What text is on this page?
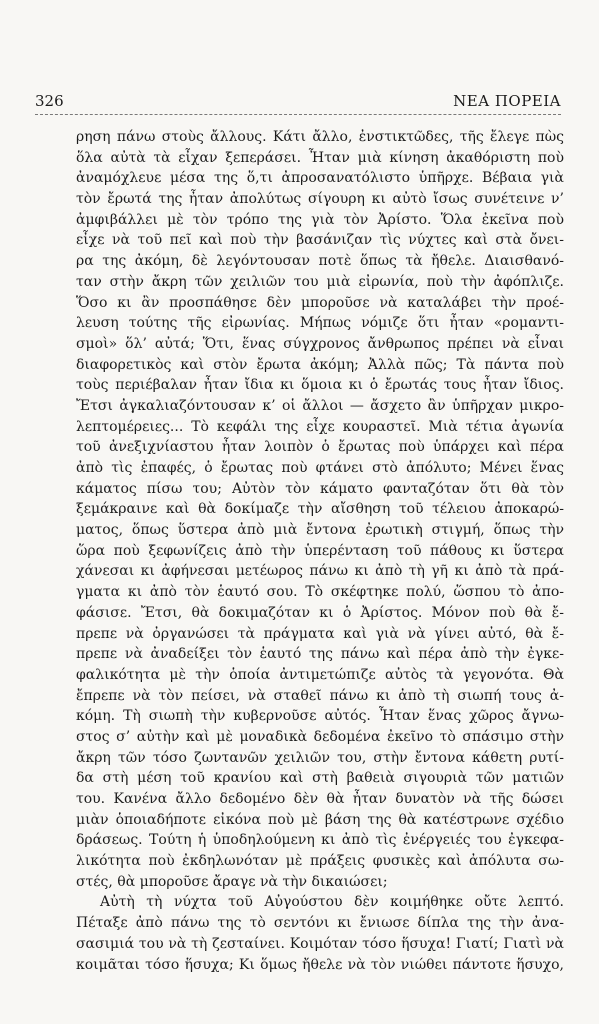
326	ΝΕΑ ΠΟΡΕΙΑ
ρηση πάνω στοὺς ἄλλους. Κάτι ἄλλο, ἐνστικτῶδες, τῆς ἔλεγε πὼς
ὅλα αὐτὰ τὰ εἶχαν ξεπεράσει. Ἦταν μιὰ κίνηση ἀκαθόριστη ποὺ
ἀναμόχλευε μέσα της ὅ,τι ἀπροσανατόλιστο ὑπῆρχε. Βέβαια γιὰ
τὸν ἔρωτά της ἦταν ἀπολύτως σίγουρη κι αὐτὸ ἴσως συνέτεινε ν’
ἀμφιβάλλει μὲ τὸν τρόπο της γιὰ τὸν Ἀρίστο. Ὅλα ἐκεῖνα ποὺ
εἶχε νὰ τοῦ πεῖ καὶ ποὺ τὴν βασάνιζαν τὶς νύχτες καὶ στὰ ὄνει-
ρα της ἀκόμη, δὲ λεγόντουσαν ποτὲ ὅπως τὰ ἤθελε. Διαισθανό-
ταν στὴν ἄκρη τῶν χειλιῶν του μιὰ εἰρωνία, ποὺ τὴν ἀφόπλιζε.
Ὅσο κι ἂν προσπάθησε δὲν μποροῦσε νὰ καταλάβει τὴν προέ-
λευση τούτης τῆς εἰρωνίας. Μήπως νόμιζε ὅτι ἦταν «ρομαντι-
σμοὶ» ὅλ’ αὐτά; Ὅτι, ἕνας σύγχρονος ἄνθρωπος πρέπει νὰ εἶναι
διαφορετικὸς καὶ στὸν ἔρωτα ἀκόμη; Ἀλλὰ πῶς; Τὰ πάντα ποὺ
τοὺς περιέβαλαν ἦταν ἴδια κι ὅμοια κι ὁ ἔρωτάς τους ἦταν ἴδιος.
Ἔτσι ἀγκαλιαζόντουσαν κ’ οἱ ἄλλοι — ἄσχετο ἂν ὑπῆρχαν μικρο-
λεπτομέρειες... Τὸ κεφάλι της εἶχε κουραστεῖ. Μιὰ τέτια ἀγωνία
τοῦ ἀνεξιχνίαστου ἦταν λοιπὸν ὁ ἔρωτας ποὺ ὑπάρχει καὶ πέρα
ἀπὸ τὶς ἐπαφές, ὁ ἔρωτας ποὺ φτάνει στὸ ἀπόλυτο; Μένει ἕνας
κάματος πίσω του; Αὐτὸν τὸν κάματο φανταζόταν ὅτι θὰ τὸν
ξεμάκραινε καὶ θὰ δοκίμαζε τὴν αἴσθηση τοῦ τέλειου ἀποκαρώ-
ματος, ὅπως ὕστερα ἀπὸ μιὰ ἔντονα ἐρωτικὴ στιγμή, ὅπως τὴν
ὥρα ποὺ ξεφωνίζεις ἀπὸ τὴν ὑπερένταση τοῦ πάθους κι ὕστερα
χάνεσαι κι ἀφήνεσαι μετέωρος πάνω κι ἀπὸ τὴ γῆ κι ἀπὸ τὰ πρά-
γματα κι ἀπὸ τὸν ἑαυτό σου. Τὸ σκέφτηκε πολύ, ὥσπου τὸ ἀπο-
φάσισε. Ἔτσι, θὰ δοκιμαζόταν κι ὁ Ἀρίστος. Μόνον ποὺ θὰ ἔ-
πρεπε νὰ ὀργανώσει τὰ πράγματα καὶ γιὰ νὰ γίνει αὐτό, θὰ ἔ-
πρεπε νὰ ἀναδείξει τὸν ἑαυτό της πάνω καὶ πέρα ἀπὸ τὴν ἐγκε-
φαλικότητα μὲ τὴν ὁποία ἀντιμετώπιζε αὐτὸς τὰ γεγονότα. Θὰ
ἔπρεπε νὰ τὸν πείσει, νὰ σταθεῖ πάνω κι ἀπὸ τὴ σιωπή τους ἀ-
κόμη. Τὴ σιωπὴ τὴν κυβερνοῦσε αὐτός. Ἦταν ἕνας χῶρος ἄγνω-
στος σ’ αὐτὴν καὶ μὲ μοναδικὰ δεδομένα ἐκεῖνο τὸ σπάσιμο στὴν
ἄκρη τῶν τόσο ζωντανῶν χειλιῶν του, στὴν ἔντονα κάθετη ρυτί-
δα στὴ μέση τοῦ κρανίου καὶ στὴ βαθειὰ σιγουριὰ τῶν ματιῶν
του. Κανένα ἄλλο δεδομένο δὲν θὰ ἦταν δυνατὸν νὰ τῆς δώσει
μιὰν ὁποιαδήποτε εἰκόνα ποὺ μὲ βάση της θὰ κατέστρωνε σχέδιο
δράσεως. Τούτη ἡ ὑποδηλούμενη κι ἀπὸ τὶς ἐνέργειές του ἐγκεφα-
λικότητα ποὺ ἐκδηλωνόταν μὲ πράξεις φυσικὲς καὶ ἀπόλυτα σω-
στές, θὰ μποροῦσε ἄραγε νὰ τὴν δικαιώσει;
Αὐτὴ τὴ νύχτα τοῦ Αὐγούστου δὲν κοιμήθηκε οὔτε λεπτό.
Πέταξε ἀπὸ πάνω της τὸ σεντόνι κι ἔνιωσε δίπλα της τὴν ἀνα-
σασιμιά του νὰ τὴ ζεσταίνει. Κοιμόταν τόσο ἥσυχα! Γιατί; Γιατὶ νὰ
κοιμᾶται τόσο ἥσυχα; Κι ὅμως ἤθελε νὰ τὸν νιώθει πάντοτε ἥσυχο,
